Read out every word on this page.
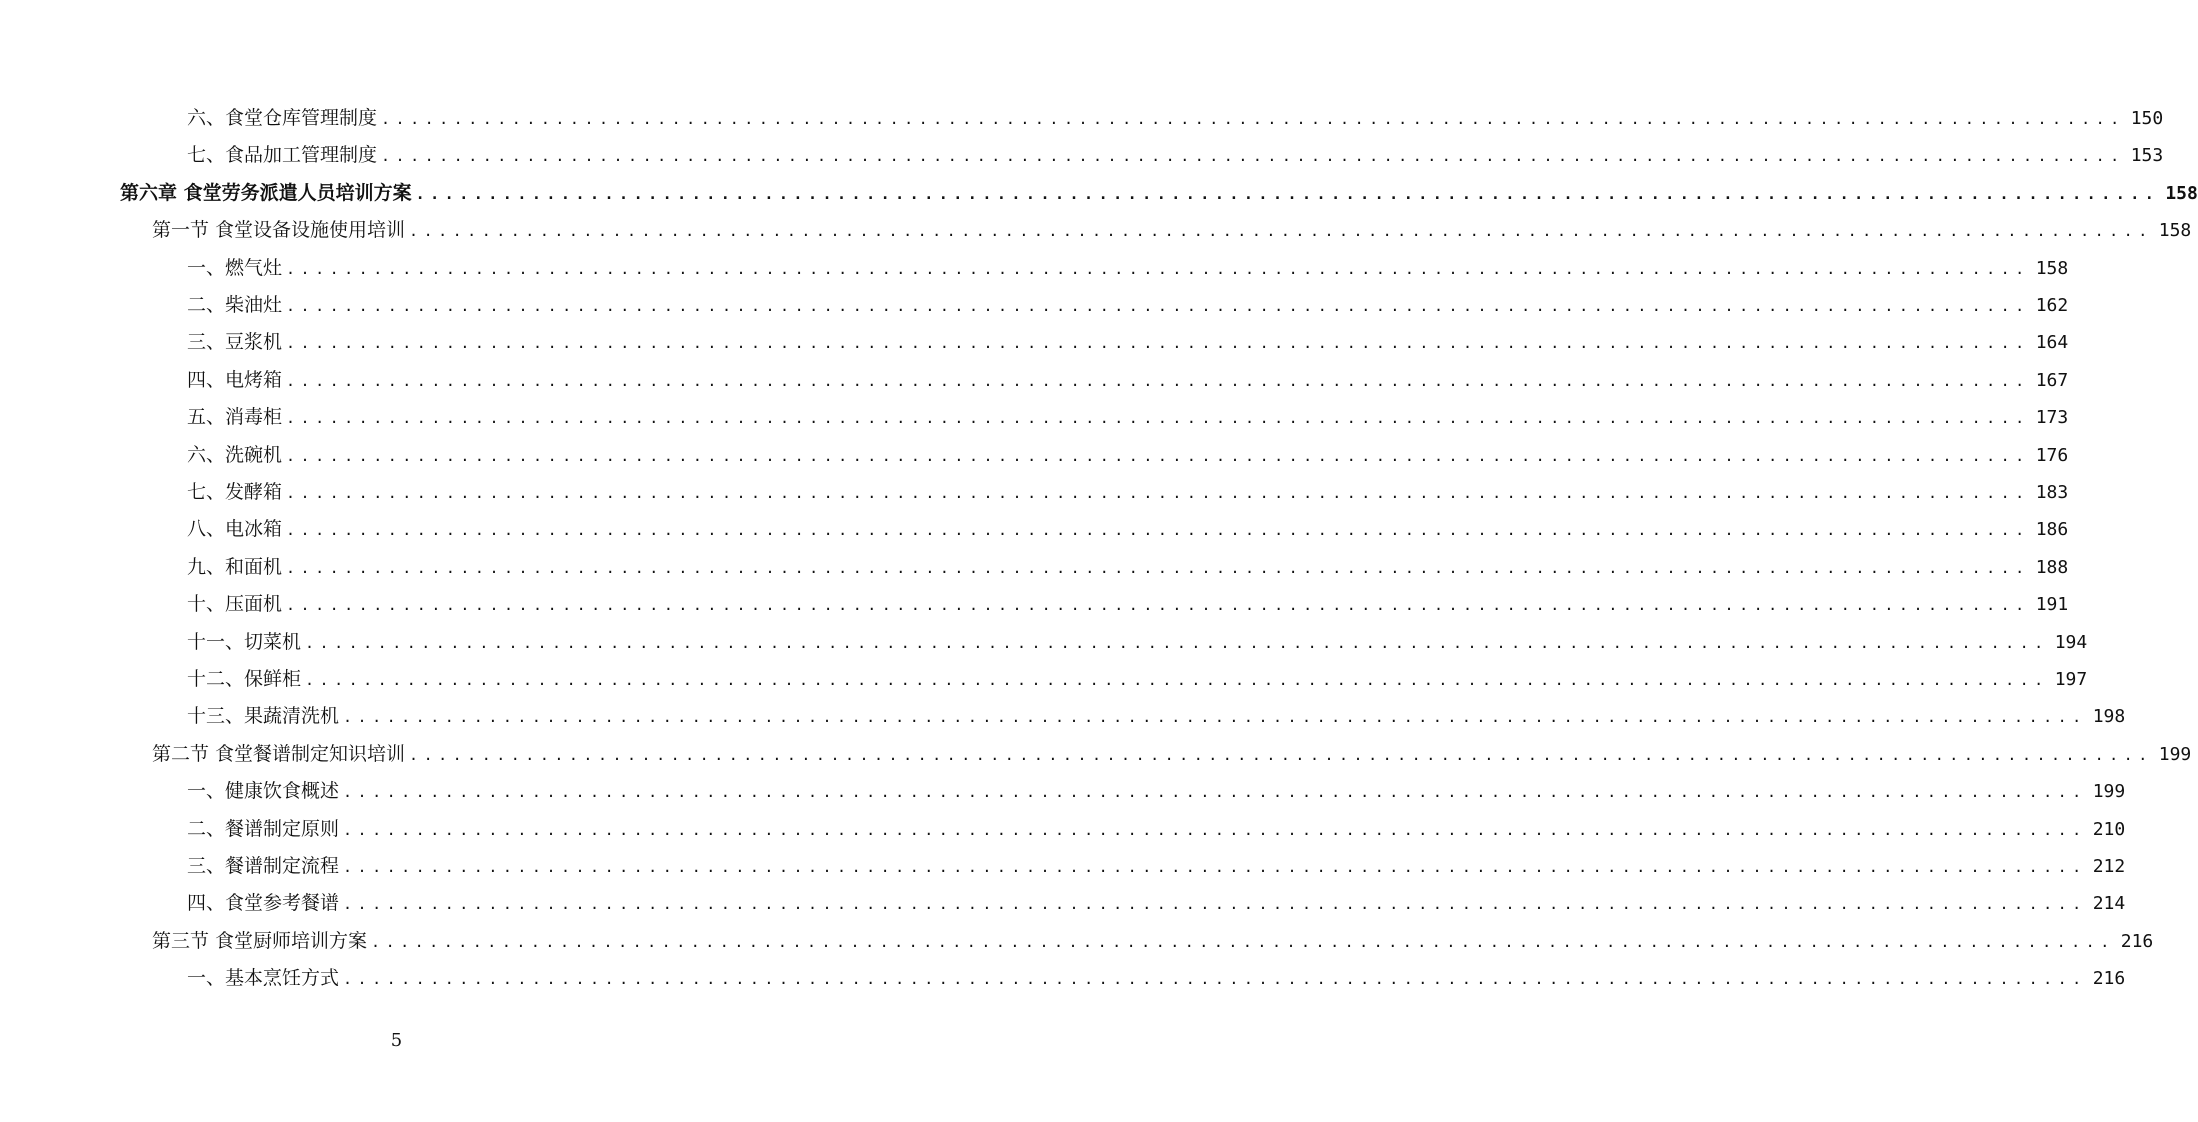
六、食堂仓库管理制度 ........................................................................................................................ 150
七、食品加工管理制度 ........................................................................................................................ 153
第六章 食堂劳务派遣人员培训方案 ........................................................................................................................ 158
第一节 食堂设备设施使用培训 ........................................................................................................................ 158
一、燃气灶 ........................................................................................................................ 158
二、柴油灶 ........................................................................................................................ 162
三、豆浆机 ........................................................................................................................ 164
四、电烤箱 ........................................................................................................................ 167
五、消毒柜 ........................................................................................................................ 173
六、洗碗机 ........................................................................................................................ 176
七、发酵箱 ........................................................................................................................ 183
八、电冰箱 ........................................................................................................................ 186
九、和面机 ........................................................................................................................ 188
十、压面机 ........................................................................................................................ 191
十一、切菜机 ........................................................................................................................ 194
十二、保鲜柜 ........................................................................................................................ 197
十三、果蔬清洗机 ........................................................................................................................ 198
第二节 食堂餐谱制定知识培训 ........................................................................................................................ 199
一、健康饮食概述 ........................................................................................................................ 199
二、餐谱制定原则 ........................................................................................................................ 210
三、餐谱制定流程 ........................................................................................................................ 212
四、食堂参考餐谱 ........................................................................................................................ 214
第三节 食堂厨师培训方案 ........................................................................................................................ 216
一、基本烹饪方式 ........................................................................................................................ 216
5
